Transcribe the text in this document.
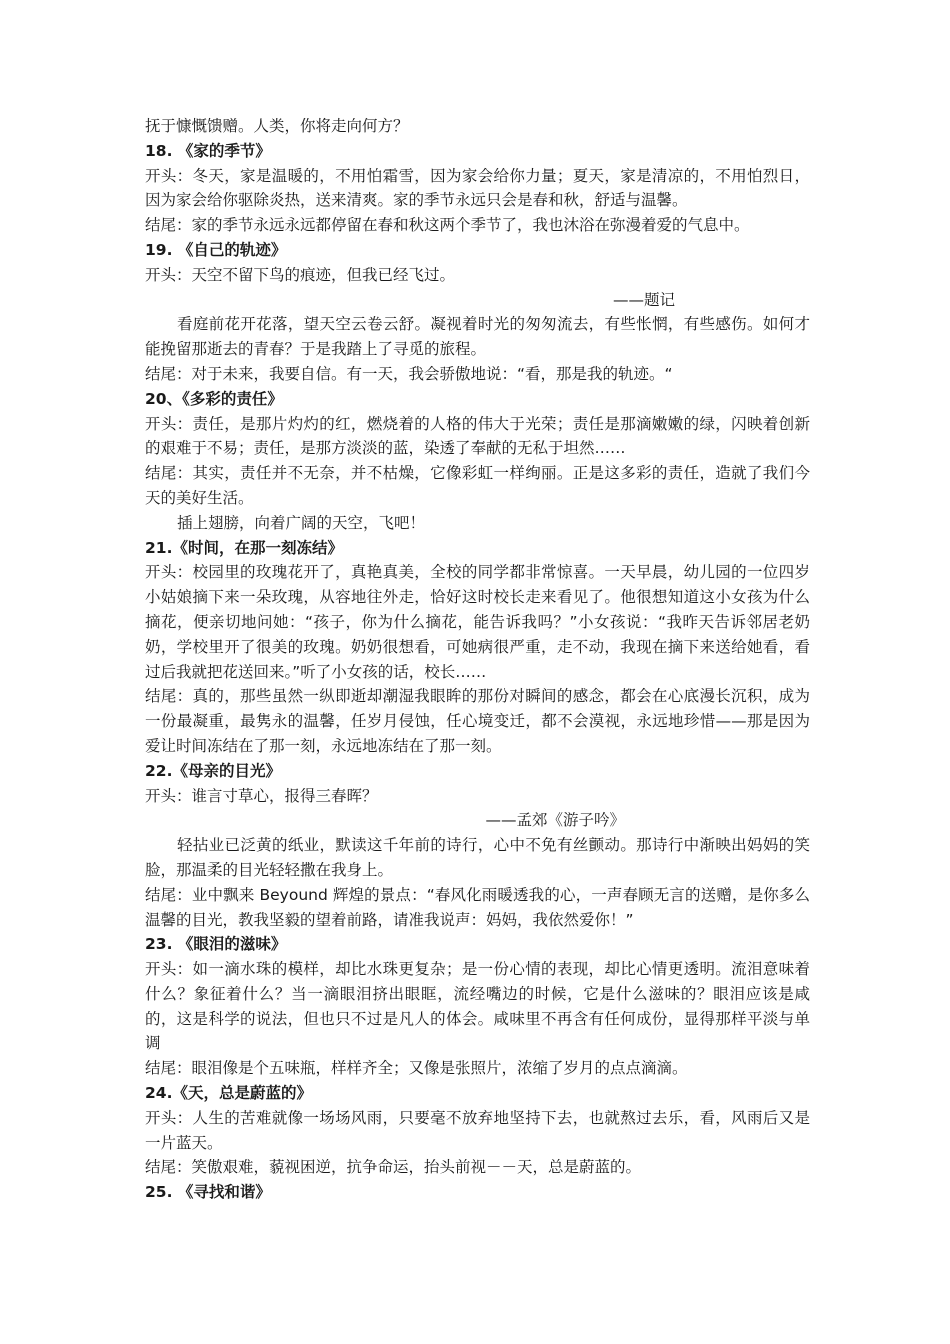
抚于慷慨馈赠。人类，你将走向何方？

18. 《家的季节》

开头：冬天，家是温暖的，不用怕霜雪，因为家会给你力量；夏天，家是清凉的，不用怕烈日，因为家会给你驱除炎热，送来清爽。家的季节永远只会是春和秋，舒适与温馨。

结尾：家的季节永远永远都停留在春和秋这两个季节了，我也沐浴在弥漫着爱的气息中。

19. 《自己的轨迹》

开头：天空不留下鸟的痕迹，但我已经飞过。

——题记

看庭前花开花落，望天空云卷云舒。凝视着时光的匆匆流去，有些怅惘，有些感伤。如何才能挽留那逝去的青春？于是我踏上了寻觅的旅程。

结尾：对于未来，我要自信。有一天，我会骄傲地说：“看，那是我的轨迹。“

20、《多彩的责任》

开头：责任，是那片灼灼的红，燃烧着的人格的伟大于光荣；责任是那滴嫩嫩的绿，闪映着创新的艰难于不易；责任，是那方淡淡的蓝，染透了奉献的无私于坦然……

结尾：其实，责任并不无奈，并不枯燥，它像彩虹一样绚丽。正是这多彩的责任，造就了我们今天的美好生活。

插上翅膀，向着广阔的天空，飞吧！

21.《时间，在那一刻冻结》

开头：校园里的玫瑰花开了，真艳真美，全校的同学都非常惊喜。一天早晨，幼儿园的一位四岁小姑娘摘下来一朵玫瑰，从容地往外走，恰好这时校长走来看见了。他很想知道这小女孩为什么摘花，便亲切地问她：“孩子，你为什么摘花，能告诉我吗？”小女孩说：“我昨天告诉邻居老奶奶，学校里开了很美的玫瑰。奶奶很想看，可她病很严重，走不动，我现在摘下来送给她看，看过后我就把花送回来。”听了小女孩的话，校长……

结尾：真的，那些虽然一纵即逝却潮湿我眼眸的那份对瞬间的感念，都会在心底漫长沉积，成为一份最凝重，最隽永的温馨，任岁月侵蚀，任心境变迁，都不会漠视，永远地珍惜——那是因为爱让时间冻结在了那一刻，永远地冻结在了那一刻。

22.《母亲的目光》

开头：谁言寸草心，报得三春晖？

——孟郊《游子吟》

轻拈业已泛黄的纸业，默读这千年前的诗行，心中不免有丝颤动。那诗行中渐映出妈妈的笑脸，那温柔的目光轻轻撒在我身上。

结尾：业中飘来 Beyound 辉煌的景点：“春风化雨暖透我的心，一声春顾无言的送赠，是你多么温馨的目光，教我坚毅的望着前路，请准我说声：妈妈，我依然爱你！”

23. 《眼泪的滋味》

开头：如一滴水珠的模样，却比水珠更复杂；是一份心情的表现，却比心情更透明。流泪意味着什么？象征着什么？当一滴眼泪挤出眼眶，流经嘴边的时候，它是什么滋味的？眼泪应该是咸的，这是科学的说法，但也只不过是凡人的体会。咸味里不再含有任何成份，显得那样平淡与单调

结尾：眼泪像是个五味瓶，样样齐全；又像是张照片，浓缩了岁月的点点滴滴。

24.《天，总是蔚蓝的》

开头：人生的苦难就像一场场风雨，只要毫不放弃地坚持下去，也就熬过去乐，看，风雨后又是一片蓝天。

结尾：笑傲艰难，藐视困逆，抗争命运，抬头前视－－天，总是蔚蓝的。

25. 《寻找和谐》
